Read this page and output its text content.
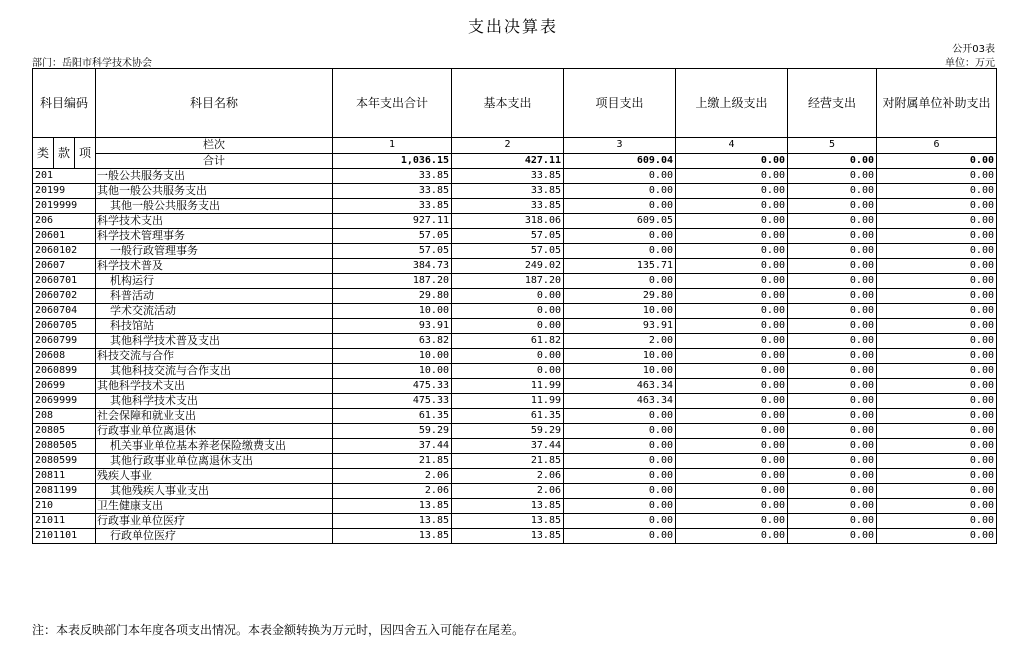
支出决算表
公开03表
单位：万元
部门：岳阳市科学技术协会
科目编码	科目名称	本年支出合计	基本支出	项目支出	上缴上级支出	经营支出	对附属单位补助支出

类 款 项	栏次	1	2	3	4	5	6
	合计	1,036.15	427.11	609.04	0.00	0.00	0.00
201	一般公共服务支出	33.85	33.85	0.00	0.00	0.00	0.00
20199	其他一般公共服务支出	33.85	33.85	0.00	0.00	0.00	0.00
2019999	其他一般公共服务支出	33.85	33.85	0.00	0.00	0.00	0.00
206	科学技术支出	927.11	318.06	609.05	0.00	0.00	0.00
20601	科学技术管理事务	57.05	57.05	0.00	0.00	0.00	0.00
2060102	一般行政管理事务	57.05	57.05	0.00	0.00	0.00	0.00
20607	科学技术普及	384.73	249.02	135.71	0.00	0.00	0.00
2060701	机构运行	187.20	187.20	0.00	0.00	0.00	0.00
2060702	科普活动	29.80	0.00	29.80	0.00	0.00	0.00
2060704	学术交流活动	10.00	0.00	10.00	0.00	0.00	0.00
2060705	科技馆站	93.91	0.00	93.91	0.00	0.00	0.00
2060799	其他科学技术普及支出	63.82	61.82	2.00	0.00	0.00	0.00
20608	科技交流与合作	10.00	0.00	10.00	0.00	0.00	0.00
2060899	其他科技交流与合作支出	10.00	0.00	10.00	0.00	0.00	0.00
20699	其他科学技术支出	475.33	11.99	463.34	0.00	0.00	0.00
2069999	其他科学技术支出	475.33	11.99	463.34	0.00	0.00	0.00
208	社会保障和就业支出	61.35	61.35	0.00	0.00	0.00	0.00
20805	行政事业单位离退休	59.29	59.29	0.00	0.00	0.00	0.00
2080505	机关事业单位基本养老保险缴费支出	37.44	37.44	0.00	0.00	0.00	0.00
2080599	其他行政事业单位离退休支出	21.85	21.85	0.00	0.00	0.00	0.00
20811	残疾人事业	2.06	2.06	0.00	0.00	0.00	0.00
2081199	其他残疾人事业支出	2.06	2.06	0.00	0.00	0.00	0.00
210	卫生健康支出	13.85	13.85	0.00	0.00	0.00	0.00
21011	行政事业单位医疗	13.85	13.85	0.00	0.00	0.00	0.00
2101101	行政单位医疗	13.85	13.85	0.00	0.00	0.00	0.00
注：本表反映部门本年度各项支出情况。本表金额转换为万元时，因四舍五入可能存在尾差。
